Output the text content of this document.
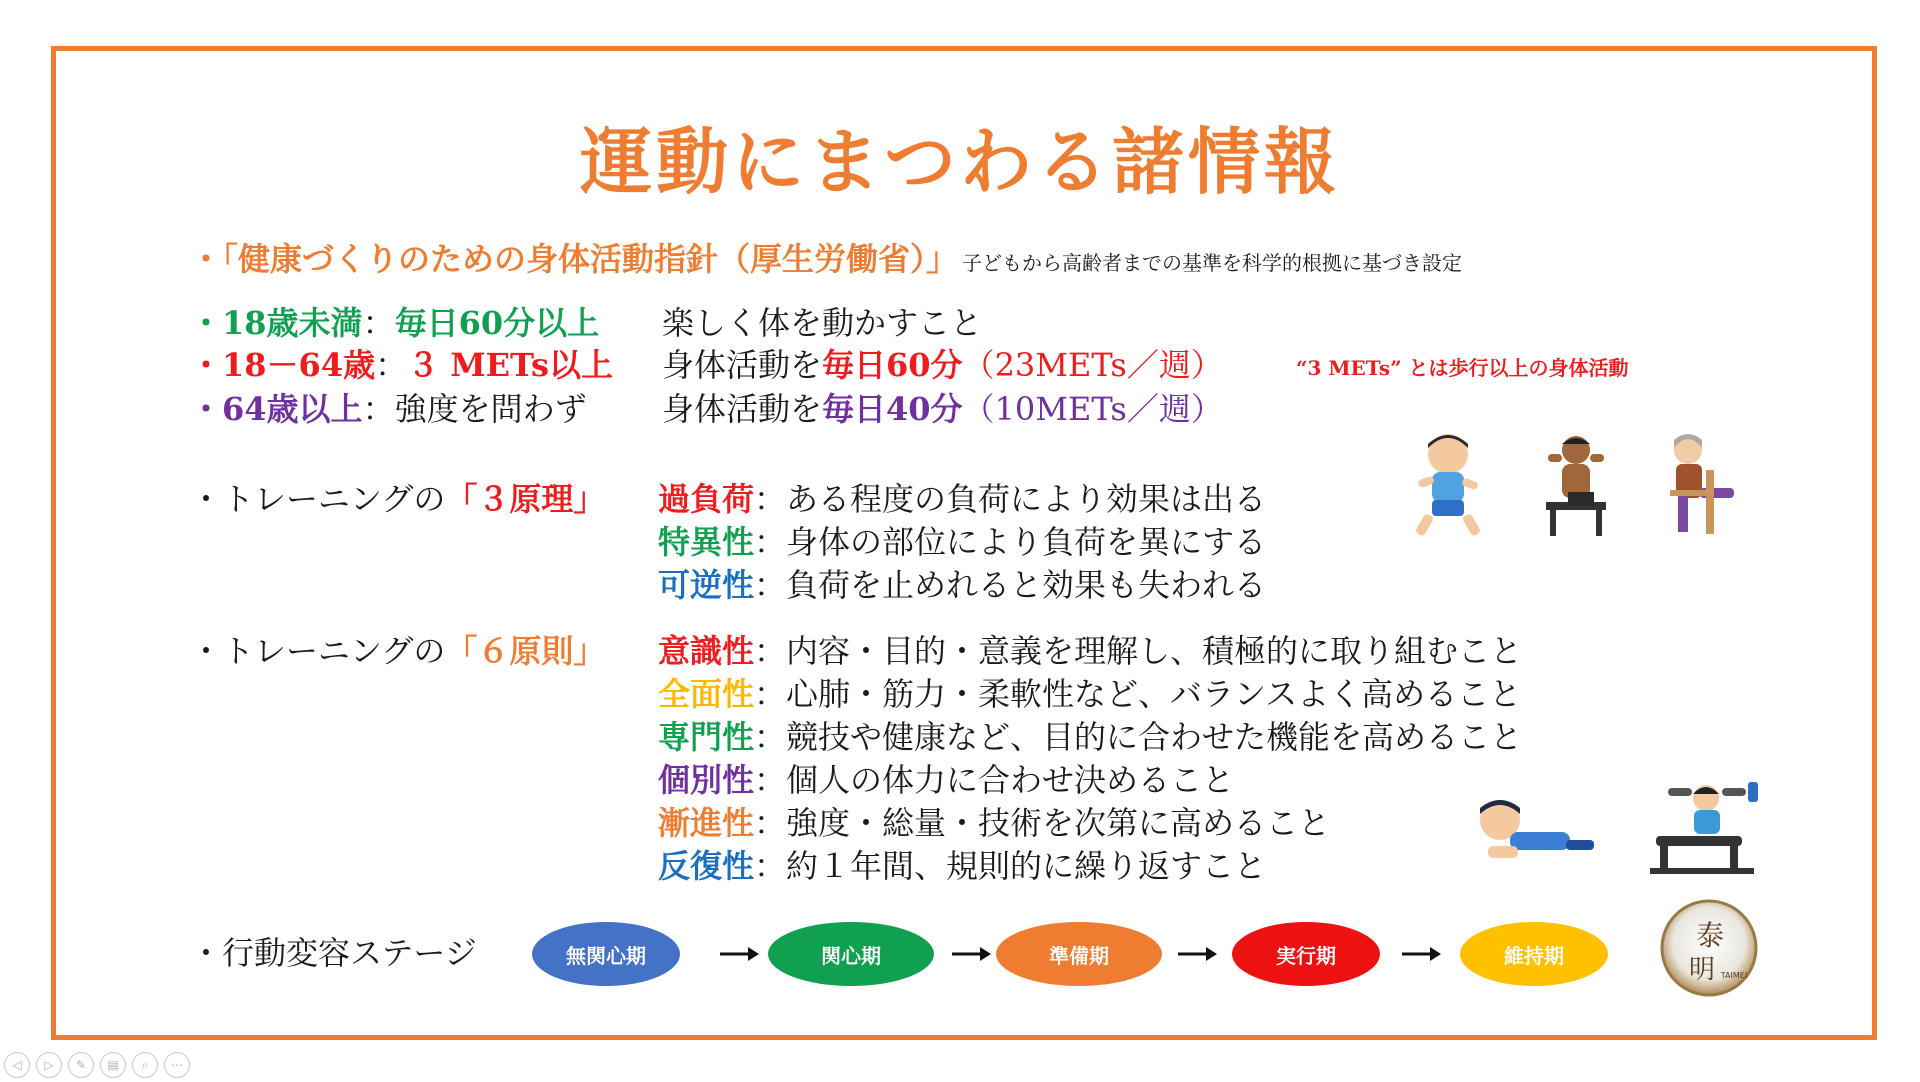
運動にまつわる諸情報
・「健康づくりのための身体活動指針（厚生労働省）」 子どもから高齢者までの基準を科学的根拠に基づき設定
・18歳未満：毎日60分以上 楽しく体を動かすこと
・18－64歳：３ METs以上 身体活動を毎日60分（23METs／週）	“3 METs” とは歩行以上の身体活動
・64歳以上：強度を問わず 身体活動を毎日40分（10METs／週）
・トレーニングの「３原理」 過負荷：ある程度の負荷により効果は出る
特異性：身体の部位により負荷を異にする
可逆性：負荷を止めれると効果も失われる
・トレーニングの「６原則」 意識性：内容・目的・意義を理解し、積極的に取り組むこと
全面性：心肺・筋力・柔軟性など、バランスよく高めること
専門性：競技や健康など、目的に合わせた機能を高めること
個別性：個人の体力に合わせ決めること
漸進性：強度・総量・技術を次第に高めること
反復性：約１年間、規則的に繰り返すこと
・行動変容ステージ	無関心期	関心期	準備期	実行期	維持期
泰
明 TAIMEI
◁ ▷ ✎ ▤ ⌕ ⋯
